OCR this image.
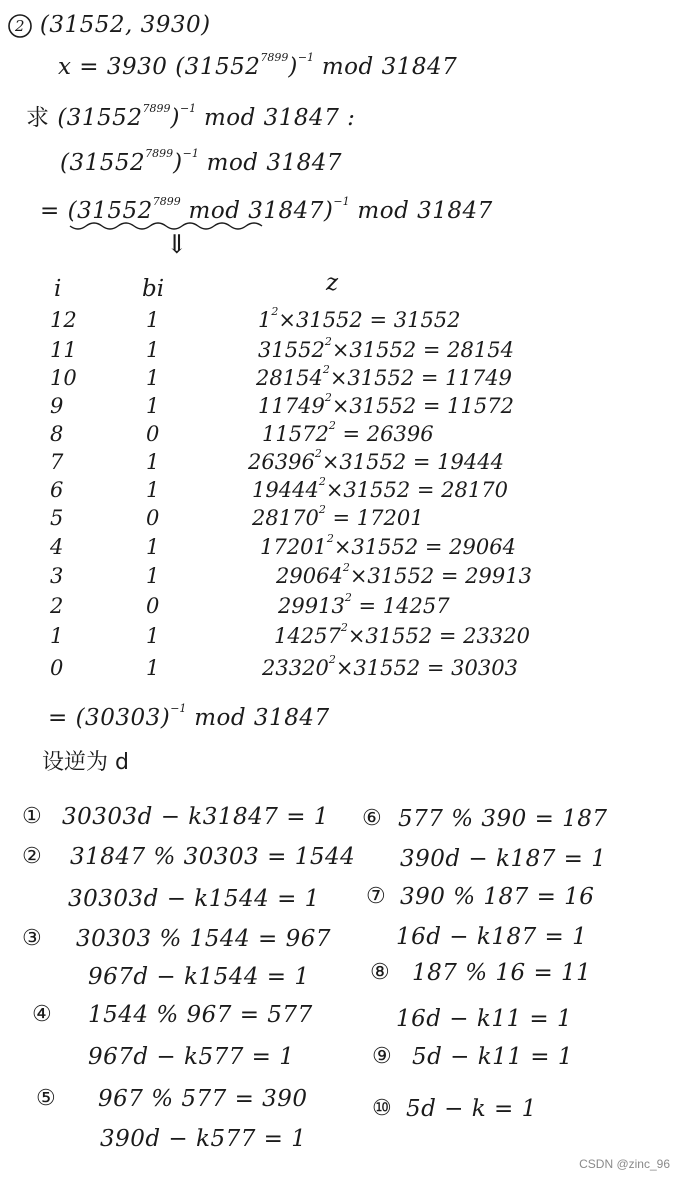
2 (31552, 3930)
x = 3930 $(31552^{7899})^{-1}$ mod 31847
求 $(31552^{7899})^{-1}$ mod 31847 :
$(31552^{7899})^{-1}$ mod 31847
= ($31552^{7899}$ mod 31847)$^{-1}$ mod 31847
⇓
i	bi	z
12	1	$1^2\times 31552 = 31552$
11	1	$31552^2\times 31552 = 28154$
10	1	$28154^2\times 31552 = 11749$
9	1	$11749^2\times 31552 = 11572$
8	0	$11572^2 = 26396$
7	1	$26396^2\times 31552 = 19444$
6	1	$19444^2\times 31552 = 28170$
5	0	$28170^2 = 17201$
4	1	$17201^2\times 31552 = 29064$
3	1	$29064^2\times 31552 = 29913$
2	0	$29913^2 = 14257$
1	1	$14257^2\times 31552 = 23320$
0	1	$23320^2\times 31552 = 30303$
= $(30303)^{-1}$ mod 31847
设逆为 d
① 30303d − k31847 = 1
② 31847 % 30303 = 1544
30303d − k1544 = 1
③ 30303 % 1544 = 967
967d − k1544 = 1
④ 1544 % 967 = 577
967d − k577 = 1
⑤ 967 % 577 = 390
390d − k577 = 1
⑥ 577 % 390 = 187
390d − k187 = 1
⑦ 390 % 187 = 16
16d − k187 = 1
⑧ 187 % 16 = 11
16d − k11 = 1
⑨ 5d − k11 = 1
⑩ 5d − k = 1
CSDN @zinc_96
